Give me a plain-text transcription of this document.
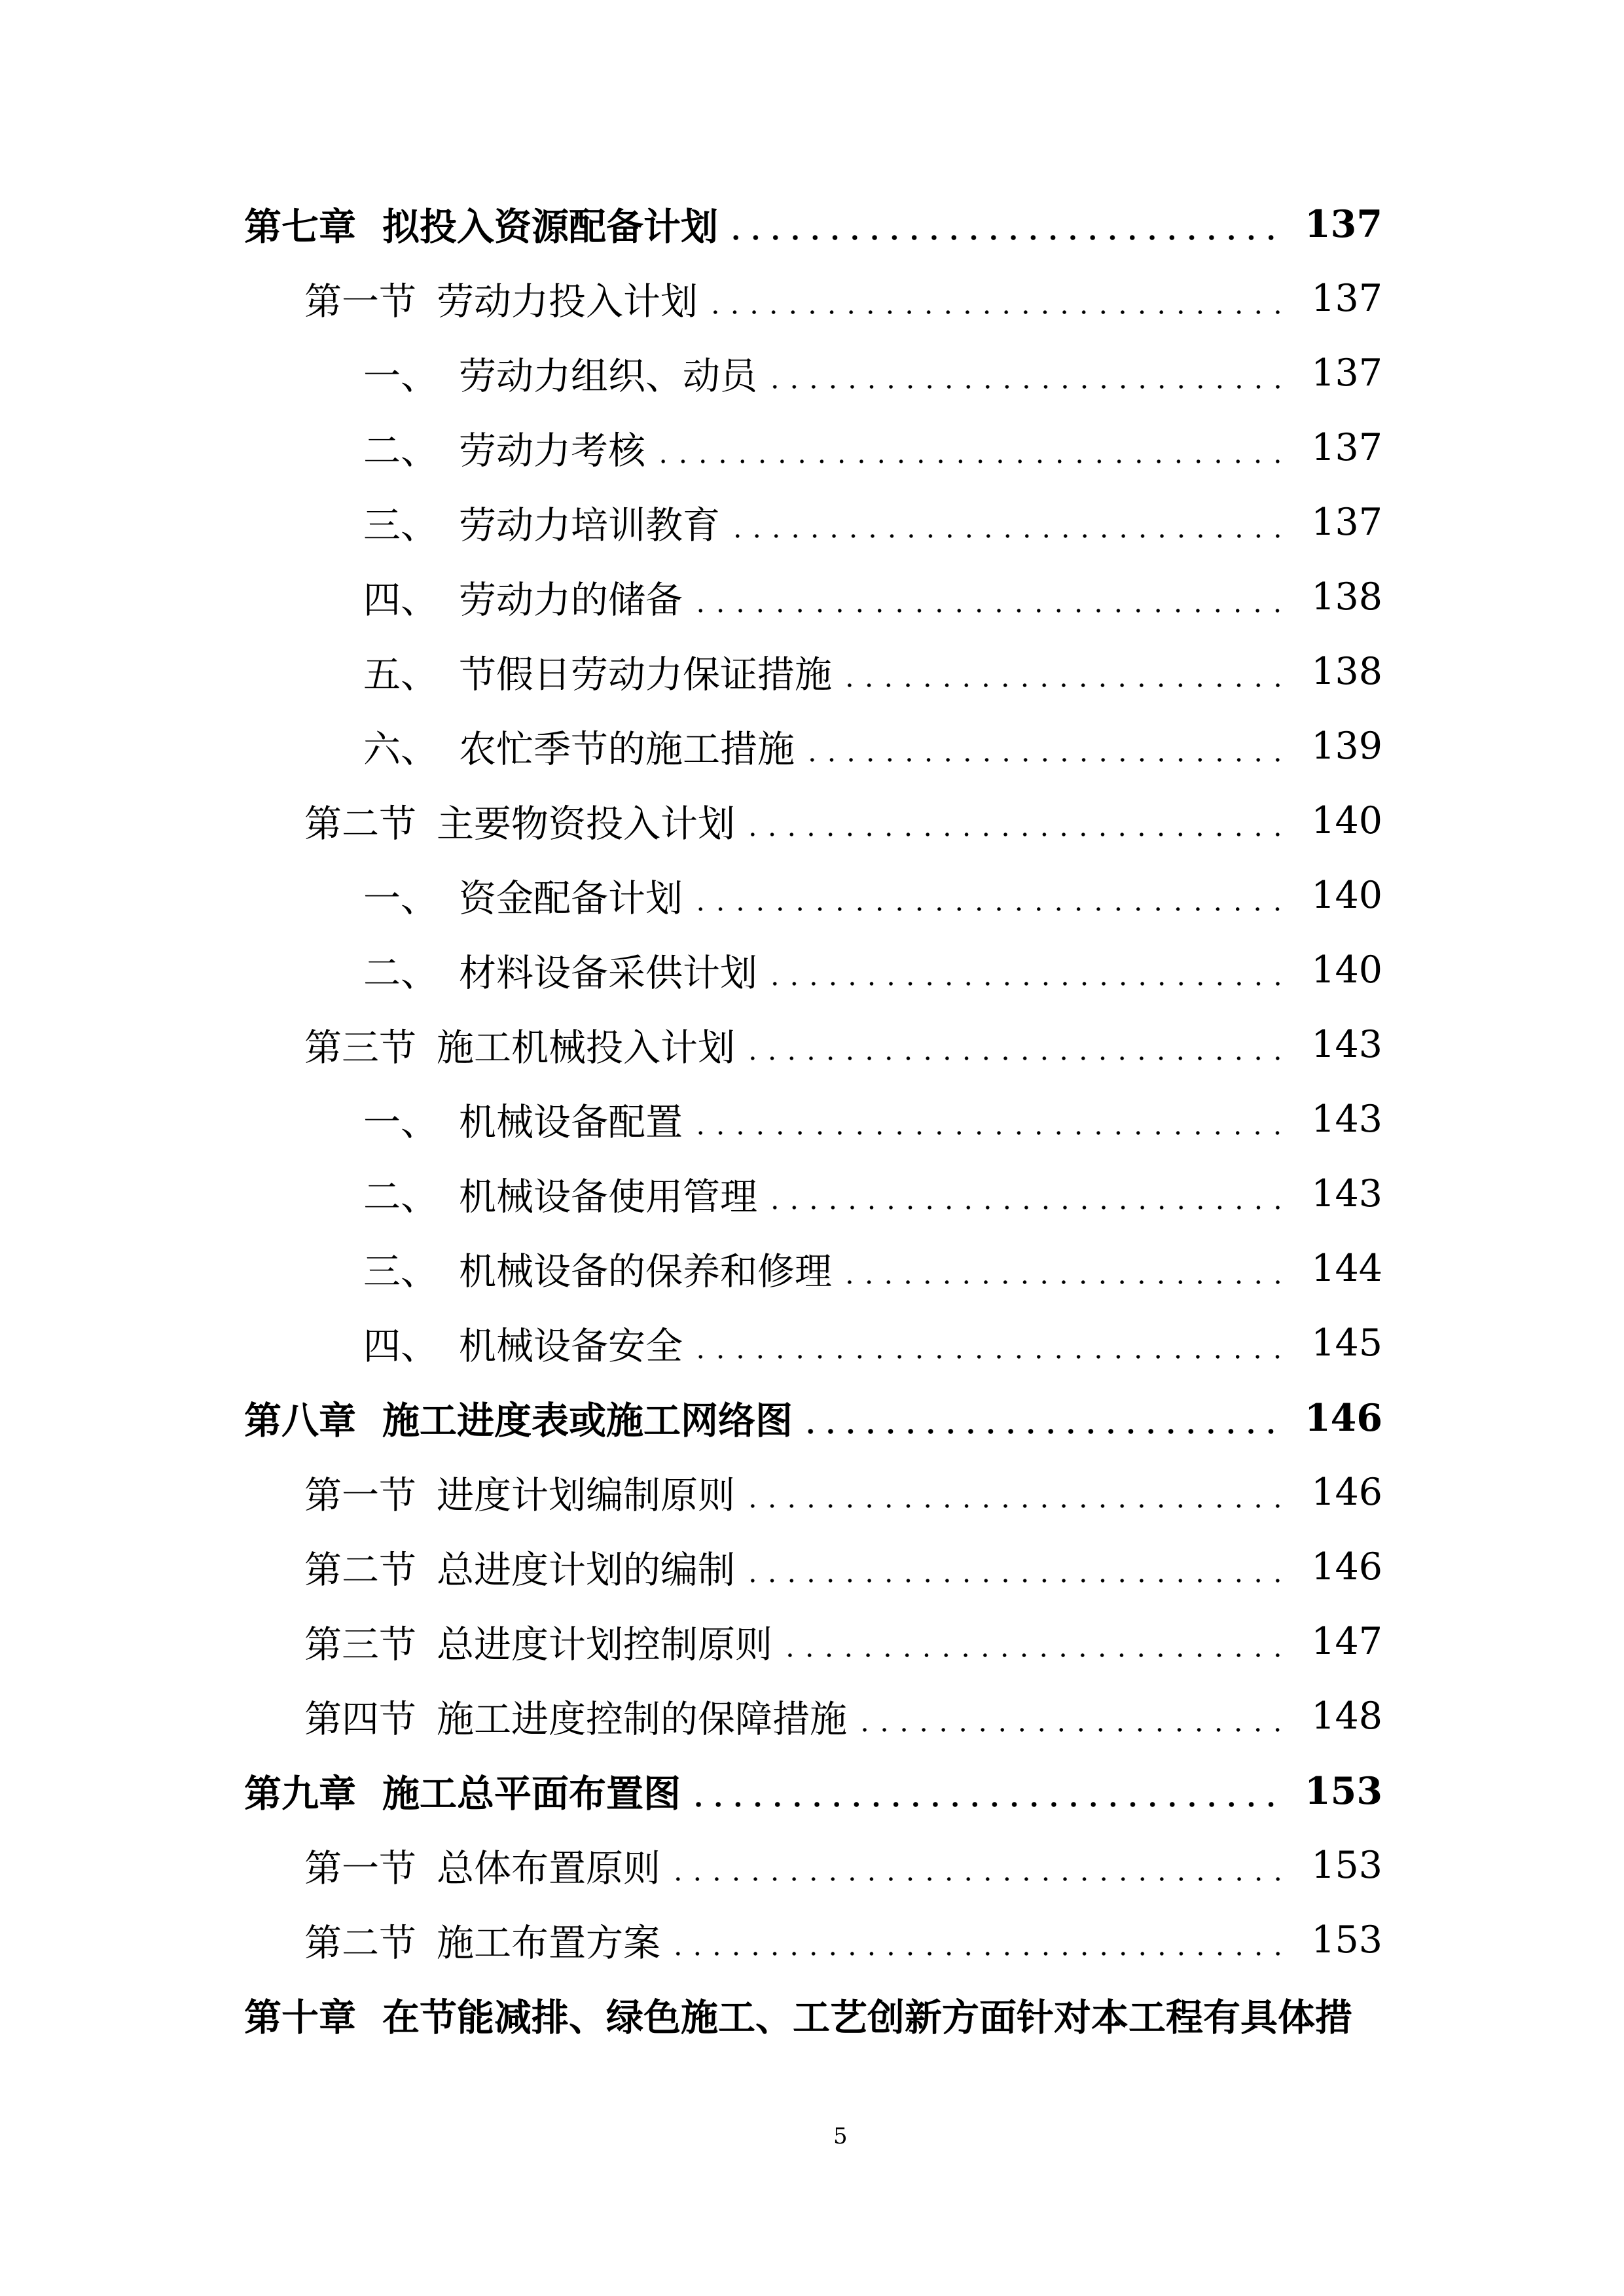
第七章 拟投入资源配备计划	137
第一节 劳动力投入计划	137
一、 劳动力组织、动员	137
二、 劳动力考核	137
三、 劳动力培训教育	137
四、 劳动力的储备	138
五、 节假日劳动力保证措施	138
六、 农忙季节的施工措施	139
第二节 主要物资投入计划	140
一、 资金配备计划	140
二、 材料设备采供计划	140
第三节 施工机械投入计划	143
一、 机械设备配置	143
二、 机械设备使用管理	143
三、 机械设备的保养和修理	144
四、 机械设备安全	145
第八章 施工进度表或施工网络图	146
第一节 进度计划编制原则	146
第二节 总进度计划的编制	146
第三节 总进度计划控制原则	147
第四节 施工进度控制的保障措施	148
第九章 施工总平面布置图	153
第一节 总体布置原则	153
第二节 施工布置方案	153
第十章 在节能减排、绿色施工、工艺创新方面针对本工程有具体措
5
